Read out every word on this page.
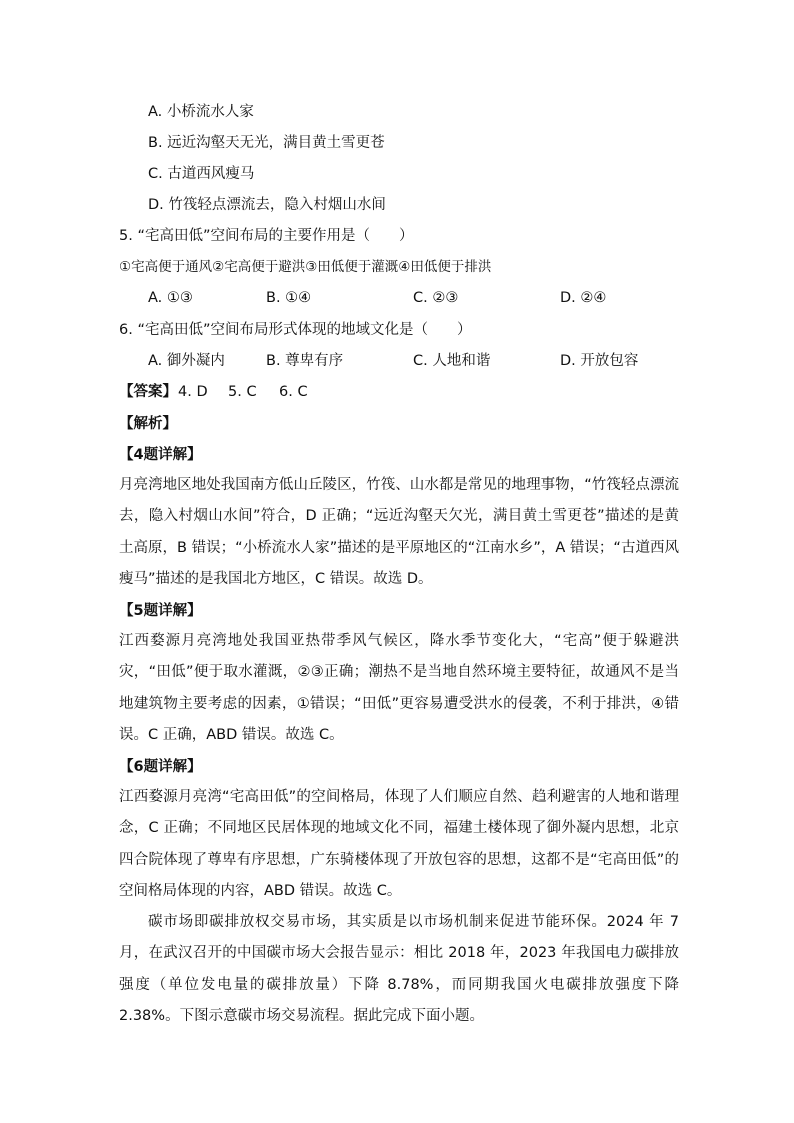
A. 小桥流水人家
B. 远近沟壑天无光，满目黄土雪更苍
C. 古道西风瘦马
D. 竹筏轻点漂流去，隐入村烟山水间
5. “宅高田低”空间布局的主要作用是（　　）
①宅高便于通风②宅高便于避洪③田低便于灌溉④田低便于排洪
A. ①③	B. ①④	C. ②③	D. ②④
6. “宅高田低”空间布局形式体现的地域文化是（　　）
A. 御外凝内	B. 尊卑有序	C. 人地和谐	D. 开放包容
【答案】 4. D 5. C 6. C
【解析】
【4题详解】
月亮湾地区地处我国南方低山丘陵区，竹筏、山水都是常见的地理事物，“竹筏轻点漂流去，隐入村烟山水间”符合，D 正确；“远近沟壑天欠光，满目黄土雪更苍”描述的是黄土高原，B 错误；“小桥流水人家”描述的是平原地区的“江南水乡”，A 错误；“古道西风瘦马”描述的是我国北方地区，C 错误。故选 D。
【5题详解】
江西婺源月亮湾地处我国亚热带季风气候区，降水季节变化大，“宅高”便于躲避洪灾，“田低”便于取水灌溉，②③正确；潮热不是当地自然环境主要特征，故通风不是当地建筑物主要考虑的因素，①错误；“田低”更容易遭受洪水的侵袭，不利于排洪，④错误。C 正确，ABD 错误。故选 C。
【6题详解】
江西婺源月亮湾“宅高田低”的空间格局，体现了人们顺应自然、趋利避害的人地和谐理念，C 正确；不同地区民居体现的地域文化不同，福建土楼体现了御外凝内思想，北京四合院体现了尊卑有序思想，广东骑楼体现了开放包容的思想，这都不是“宅高田低”的空间格局体现的内容，ABD 错误。故选 C。
碳市场即碳排放权交易市场，其实质是以市场机制来促进节能环保。2024 年 7 月，在武汉召开的中国碳市场大会报告显示：相比 2018 年，2023 年我国电力碳排放强度（单位发电量的碳排放量）下降 8.78%，而同期我国火电碳排放强度下降 2.38%。下图示意碳市场交易流程。据此完成下面小题。
